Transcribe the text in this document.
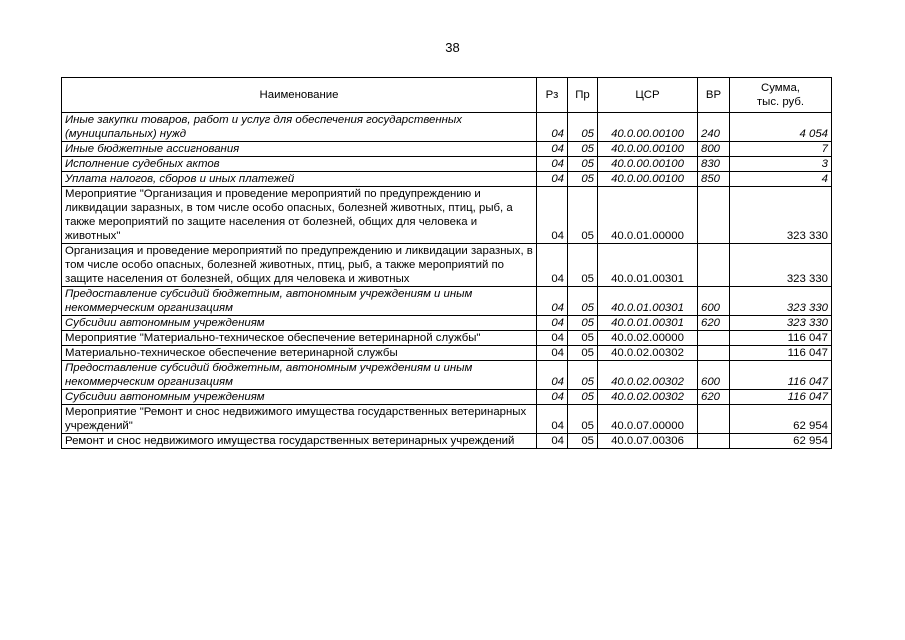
38
Наименование	Рз	Пр	ЦСР	ВР	Сумма,
тыс. руб.

Иные закупки товаров, работ и услуг для обеспечения государственных (муниципальных) нужд	04	05	40.0.00.00100	240	4 054
Иные бюджетные ассигнования	04	05	40.0.00.00100	800	7
Исполнение судебных актов	04	05	40.0.00.00100	830	3
Уплата налогов, сборов и иных платежей	04	05	40.0.00.00100	850	4
Мероприятие "Организация и проведение мероприятий по предупреждению и ликвидации заразных, в том числе особо опасных, болезней животных, птиц, рыб, а также мероприятий по защите населения от болезней, общих для человека и животных"	04	05	40.0.01.00000		323 330
Организация и проведение мероприятий по предупреждению и ликвидации заразных, в том числе особо опасных, болезней животных, птиц, рыб, а также мероприятий по защите населения от болезней, общих для человека и животных	04	05	40.0.01.00301		323 330
Предоставление субсидий бюджетным, автономным учреждениям и иным некоммерческим организациям	04	05	40.0.01.00301	600	323 330
Субсидии автономным учреждениям	04	05	40.0.01.00301	620	323 330
Мероприятие "Материально-техническое обеспечение ветеринарной службы"	04	05	40.0.02.00000		116 047
Материально-техническое обеспечение ветеринарной службы	04	05	40.0.02.00302		116 047
Предоставление субсидий бюджетным, автономным учреждениям и иным некоммерческим организациям	04	05	40.0.02.00302	600	116 047
Субсидии автономным учреждениям	04	05	40.0.02.00302	620	116 047
Мероприятие "Ремонт и снос недвижимого имущества государственных ветеринарных учреждений"	04	05	40.0.07.00000		62 954
Ремонт и снос недвижимого имущества государственных ветеринарных учреждений	04	05	40.0.07.00306		62 954
